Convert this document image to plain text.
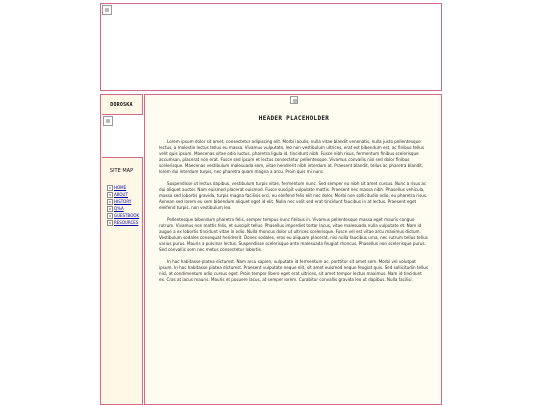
DOROSKA
SITE MAP
HOME
ABOUT
HISTORY
Q%A
GUESTBOOK
RESOURCES
HEADER PLACEHOLDER

Lorem ipsum dolor sit amet, consectetur adipiscing elit. Morbi iaculis, nulla vitae blandit venenatis, nulla justo pellentesque lectus, a molestie lectus tellus eu massa. Vivamus vulputate, leo non vestibulum ultrices, erat est bibendum est, ac finibus tellus velit quis ipsum. Maecenas vitae odio luctus, pharetra ligula id, tincidunt nibh. Fusce nibh risus, fermentum finibus scelerisque accumsan, placerat non erat. Fusce sed ipsum et lectus consectetur pellentesque. Vivamus convallis nisl sed dolor finibus scelerisque. Maecenas vestibulum malesuada sem, vitae hendrerit nibh interdum at. Praesent blandit, tellus ac pharetra blandit, lorem dui interdum turpis, nec pharetra quam magna a arcu. Proin quis mi nunc.

Suspendisse ut lectus dapibus, vestibulum turpis vitae, fermentum nunc. Sed semper eu nibh sit amet cursus. Nunc a risus ac dui aliquet auctor. Nam euismod placerat euismod. Fusce suscipit vulputate mattis. Praesent nec massa nibh. Phasellus vehicula, massa sed lobortis gravida, turpis magna facilisis orci, eu eleifend felis elit nec dolor. Morbi non sollicitudin odio, eu pharetra risus. Aenean sed lorem eu sem bibendum aliquet eget id elit. Nulla nec velit sed erat tincidunt faucibus in at lectus. Praesent eget eleifend turpis, non vestibulum leo.

Pellentesque bibendum pharetra felis, semper tempus nunc finibus in. Vivamus pellentesque massa eget mauris congue rutrum. Vivamus non mattis felis, et suscipit tellus. Phasellus imperdiet tortor lacus, vitae malesuada nulla vulputate et. Nam id augue a ex lobortis tincidunt vitae in odio. Nulla rhoncus dolor ut ultrices scelerisque. Fusce vel est vitae arcu maximus dictum. Vestibulum sodales consequat hendrerit. Donec sodales, eros eu aliquam placerat, nisi nulla faucibus urna, nec rutrum tellus tellus varius purus. Mauris a pulvinar lectus. Suspendisse scelerisque ante malesuada feugiat rhoncus. Phasellus non scelerisque purus. Sed convallis sem nec metus consectetur lobortis.

In hac habitasse platea dictumst. Nam arcu sapien, vulputate id fermentum ac, porttitor sit amet sem. Morbi vel volutpat ipsum. In hac habitasse platea dictumst. Praesent vulputate neque elit, sit amet euismod neque feugiat quis. Sed sollicitudin tellus nisl, at condimentum odio cursus eget. Proin tempor libero eget erat ultrices, sit amet tempor lectus maximus. Nam id tincidunt ex. Cras at lacus mauris. Mauris et posuere lacus, at semper lorem. Curabitur convallis gravida leo ut dapibus. Nulla facilisi.
